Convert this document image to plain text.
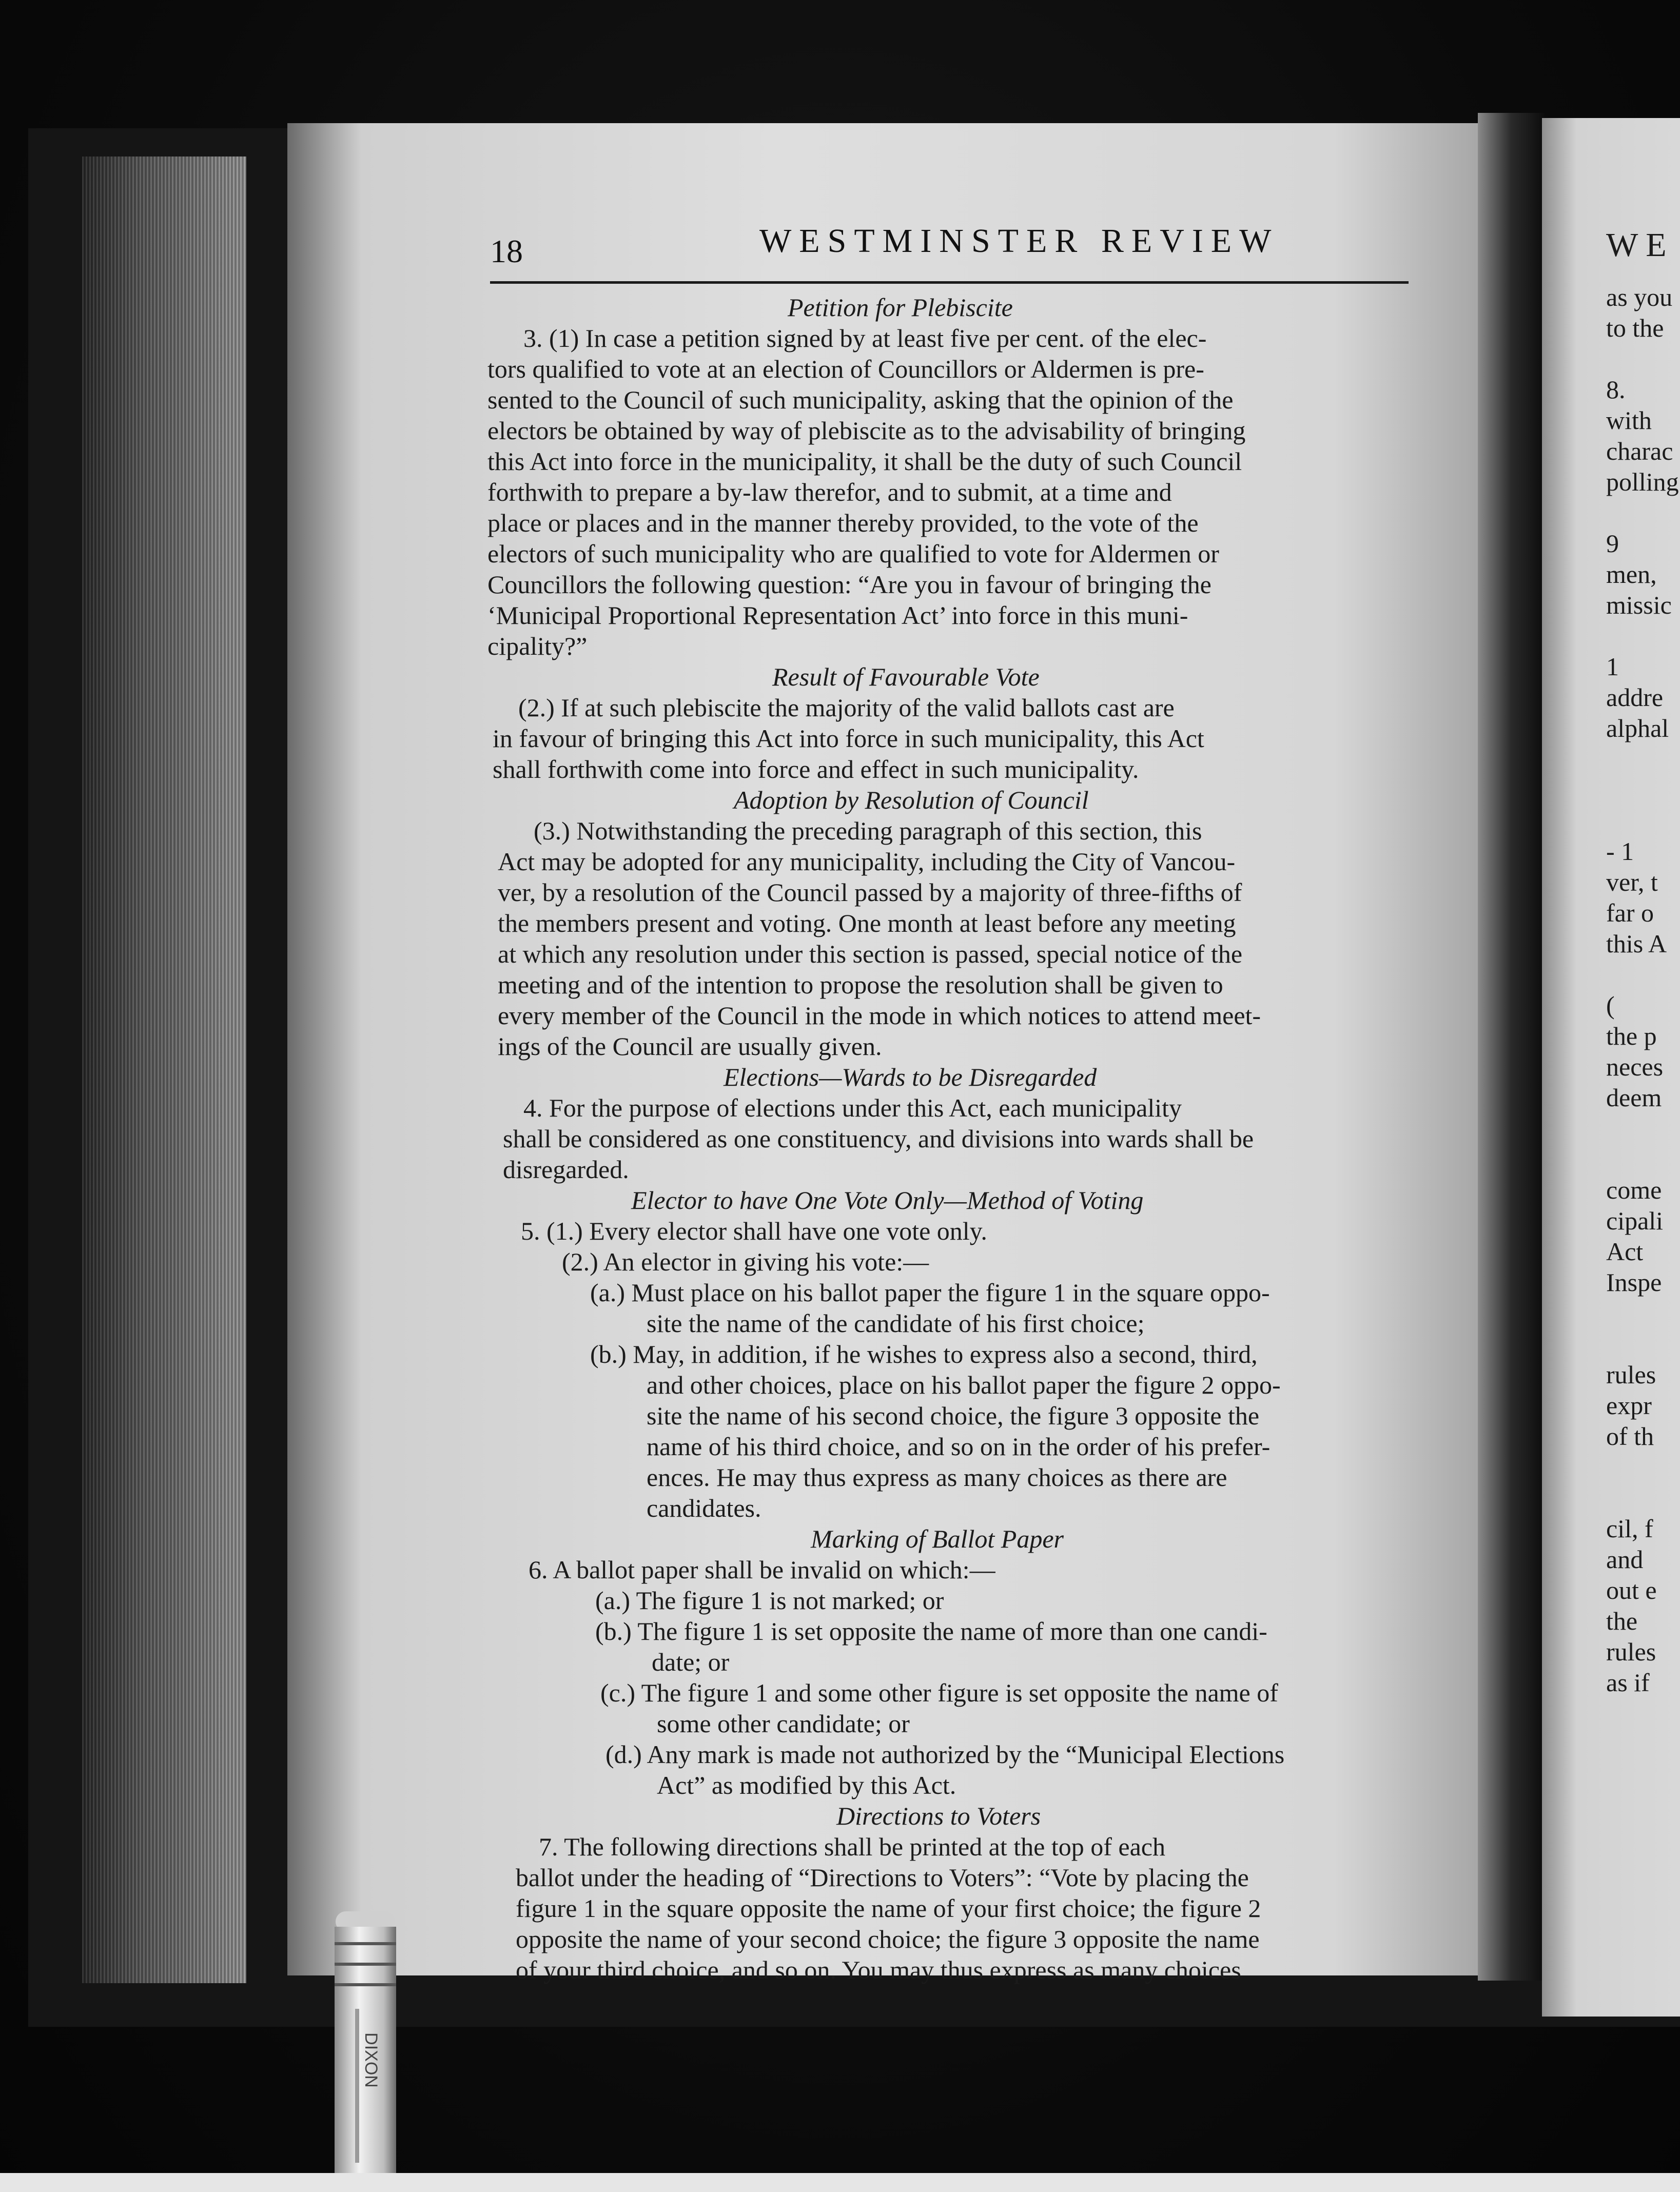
18	WESTMINSTER REVIEW
Petition for Plebiscite
3. (1) In case a petition signed by at least five per cent. of the elec-
tors qualified to vote at an election of Councillors or Aldermen is pre-
sented to the Council of such municipality, asking that the opinion of the
electors be obtained by way of plebiscite as to the advisability of bringing
this Act into force in the municipality, it shall be the duty of such Council
forthwith to prepare a by-law therefor, and to submit, at a time and
place or places and in the manner thereby provided, to the vote of the
electors of such municipality who are qualified to vote for Aldermen or
Councillors the following question: “Are you in favour of bringing the
‘Municipal Proportional Representation Act’ into force in this muni-
cipality?”
Result of Favourable Vote
(2.) If at such plebiscite the majority of the valid ballots cast are
in favour of bringing this Act into force in such municipality, this Act
shall forthwith come into force and effect in such municipality.
Adoption by Resolution of Council
(3.) Notwithstanding the preceding paragraph of this section, this
Act may be adopted for any municipality, including the City of Vancou-
ver, by a resolution of the Council passed by a majority of three-fifths of
the members present and voting. One month at least before any meeting
at which any resolution under this section is passed, special notice of the
meeting and of the intention to propose the resolution shall be given to
every member of the Council in the mode in which notices to attend meet-
ings of the Council are usually given.
Elections—Wards to be Disregarded
4. For the purpose of elections under this Act, each municipality
shall be considered as one constituency, and divisions into wards shall be
disregarded.
Elector to have One Vote Only—Method of Voting
5. (1.) Every elector shall have one vote only.
(2.) An elector in giving his vote:—
(a.) Must place on his ballot paper the figure 1 in the square oppo-
site the name of the candidate of his first choice;
(b.) May, in addition, if he wishes to express also a second, third,
and other choices, place on his ballot paper the figure 2 oppo-
site the name of his second choice, the figure 3 opposite the
name of his third choice, and so on in the order of his prefer-
ences. He may thus express as many choices as there are
candidates.
Marking of Ballot Paper
6. A ballot paper shall be invalid on which:—
(a.) The figure 1 is not marked; or
(b.) The figure 1 is set opposite the name of more than one candi-
date; or
(c.) The figure 1 and some other figure is set opposite the name of
some other candidate; or
(d.) Any mark is made not authorized by the “Municipal Elections
Act” as modified by this Act.
Directions to Voters
7. The following directions shall be printed at the top of each
ballot under the heading of “Directions to Voters”: “Vote by placing the
figure 1 in the square opposite the name of your first choice; the figure 2
opposite the name of your second choice; the figure 3 opposite the name
of your third choice, and so on. You may thus express as many choices
WE
as you
to the
8.
with
charac
polling
9
men,
missic
1
addre
alphal
- 1
ver, t
far o
this A
(
the p
neces
deem
come
cipali
Act
Inspe
rules
expr
of th
cil, f
and
out e
the
rules
as if
DIXON
